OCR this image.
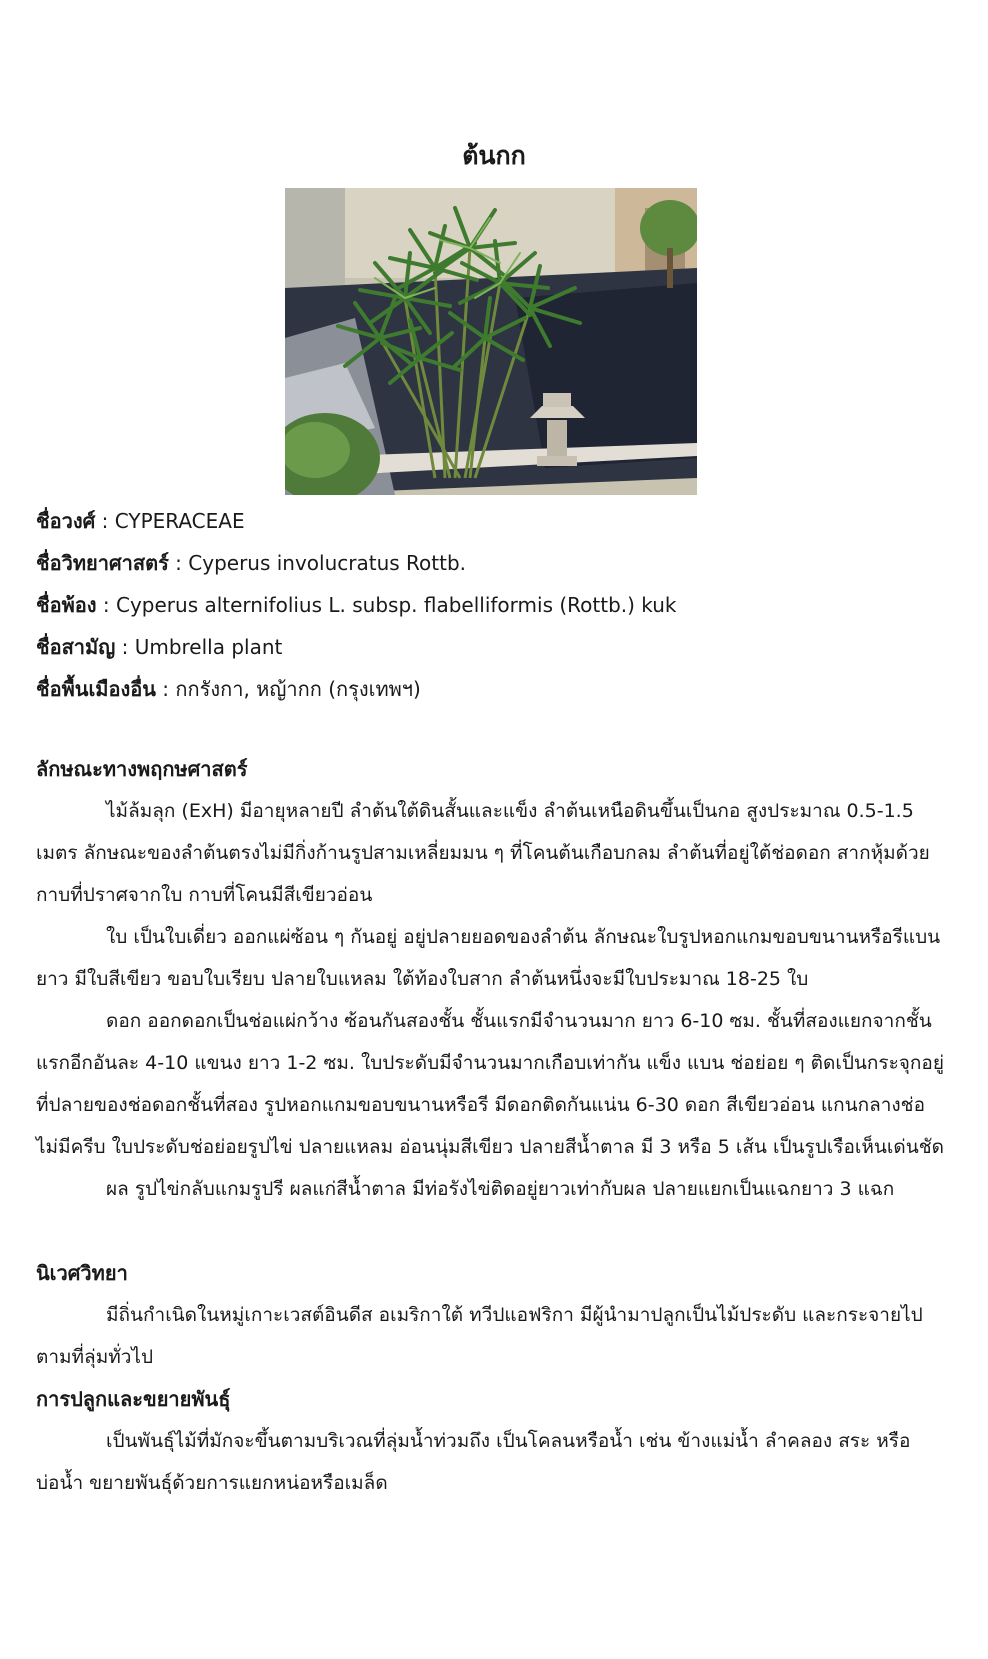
ต้นกก
ชื่อวงศ์ : CYPERACEAE
ชื่อวิทยาศาสตร์ : Cyperus involucratus Rottb.
ชื่อพ้อง : Cyperus alternifolius L. subsp. flabelliformis (Rottb.) kuk
ชื่อสามัญ : Umbrella plant
ชื่อพื้นเมืองอื่น : กกรังกา, หญ้ากก (กรุงเทพฯ)
ลักษณะทางพฤกษศาสตร์

ไม้ล้มลุก (ExH) มีอายุหลายปี ลำต้นใต้ดินสั้นและแข็ง ลำต้นเหนือดินขึ้นเป็นกอ สูงประมาณ 0.5-1.5 เมตร ลักษณะของลำต้นตรงไม่มีกิ่งก้านรูปสามเหลี่ยมมน ๆ ที่โคนต้นเกือบกลม ลำต้นที่อยู่ใต้ช่อดอก สากหุ้มด้วยกาบที่ปราศจากใบ กาบที่โคนมีสีเขียวอ่อน

ใบ เป็นใบเดี่ยว ออกแผ่ซ้อน ๆ กันอยู่ อยู่ปลายยอดของลำต้น ลักษณะใบรูปหอกแกมขอบขนานหรือรีแบน ยาว มีใบสีเขียว ขอบใบเรียบ ปลายใบแหลม ใต้ท้องใบสาก ลำต้นหนึ่งจะมีใบประมาณ 18-25 ใบ

ดอก ออกดอกเป็นช่อแผ่กว้าง ซ้อนกันสองชั้น ชั้นแรกมีจำนวนมาก ยาว 6-10 ซม. ชั้นที่สองแยกจากชั้นแรกอีกอันละ 4-10 แขนง ยาว 1-2 ซม. ใบประดับมีจำนวนมากเกือบเท่ากัน แข็ง แบน ช่อย่อย ๆ ติดเป็นกระจุกอยู่ที่ปลายของช่อดอกชั้นที่สอง รูปหอกแกมขอบขนานหรือรี มีดอกติดกันแน่น 6-30 ดอก สีเขียวอ่อน แกนกลางช่อไม่มีครีบ ใบประดับช่อย่อยรูปไข่ ปลายแหลม อ่อนนุ่มสีเขียว ปลายสีน้ำตาล มี 3 หรือ 5 เส้น เป็นรูปเรือเห็นเด่นชัด

ผล รูปไข่กลับแกมรูปรี ผลแก่สีน้ำตาล มีท่อรังไข่ติดอยู่ยาวเท่ากับผล ปลายแยกเป็นแฉกยาว 3 แฉก

นิเวศวิทยา

มีถิ่นกำเนิดในหมู่เกาะเวสต์อินดีส อเมริกาใต้ ทวีปแอฟริกา มีผู้นำมาปลูกเป็นไม้ประดับ และกระจายไปตามที่ลุ่มทั่วไป

การปลูกและขยายพันธุ์

เป็นพันธุ์ไม้ที่มักจะขึ้นตามบริเวณที่ลุ่มน้ำท่วมถึง เป็นโคลนหรือน้ำ เช่น ข้างแม่น้ำ ลำคลอง สระ หรือบ่อน้ำ ขยายพันธุ์ด้วยการแยกหน่อหรือเมล็ด
